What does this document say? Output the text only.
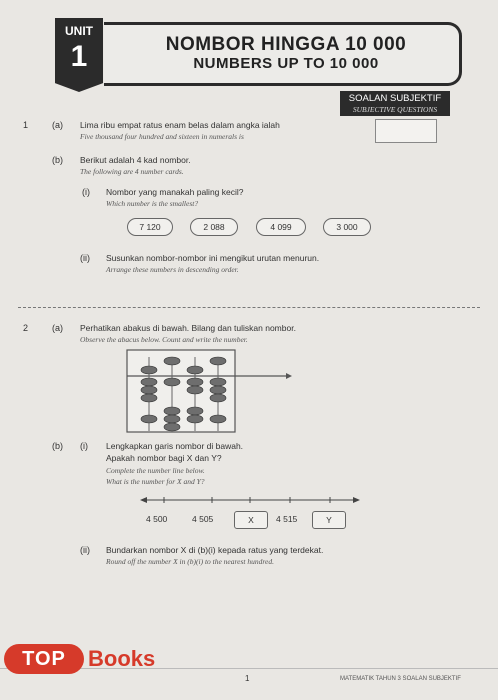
UNIT
1	NOMBOR HINGGA 10 000
NUMBERS UP TO 10 000
SOALAN SUBJEKTIF
SUBJECTIVE QUESTIONS
1	(a) Lima ribu empat ratus enam belas dalam angka ialah
Five thousand four hundred and sixteen in numerals is
(b) Berikut adalah 4 kad nombor.
The following are 4 number cards.
(i) Nombor yang manakah paling kecil?
Which number is the smallest?
7 120	2 088	4 099	3 000
(ii) Susunkan nombor-nombor ini mengikut urutan menurun.
Arrange these numbers in descending order.
2	(a) Perhatikan abakus di bawah. Bilang dan tuliskan nombor.
Observe the abacus below. Count and write the number.
(b) (i) Lengkapkan garis nombor di bawah.
Apakah nombor bagi X dan Y?
Complete the number line below.
What is the number for X and Y?
4 500	4 505	X	4 515	Y
(ii) Bundarkan nombor X di (b)(i) kepada ratus yang terdekat.
Round off the number X in (b)(i) to the nearest hundred.
TOP	Books
1	MATEMATIK TAHUN 3 SOALAN SUBJEKTIF
